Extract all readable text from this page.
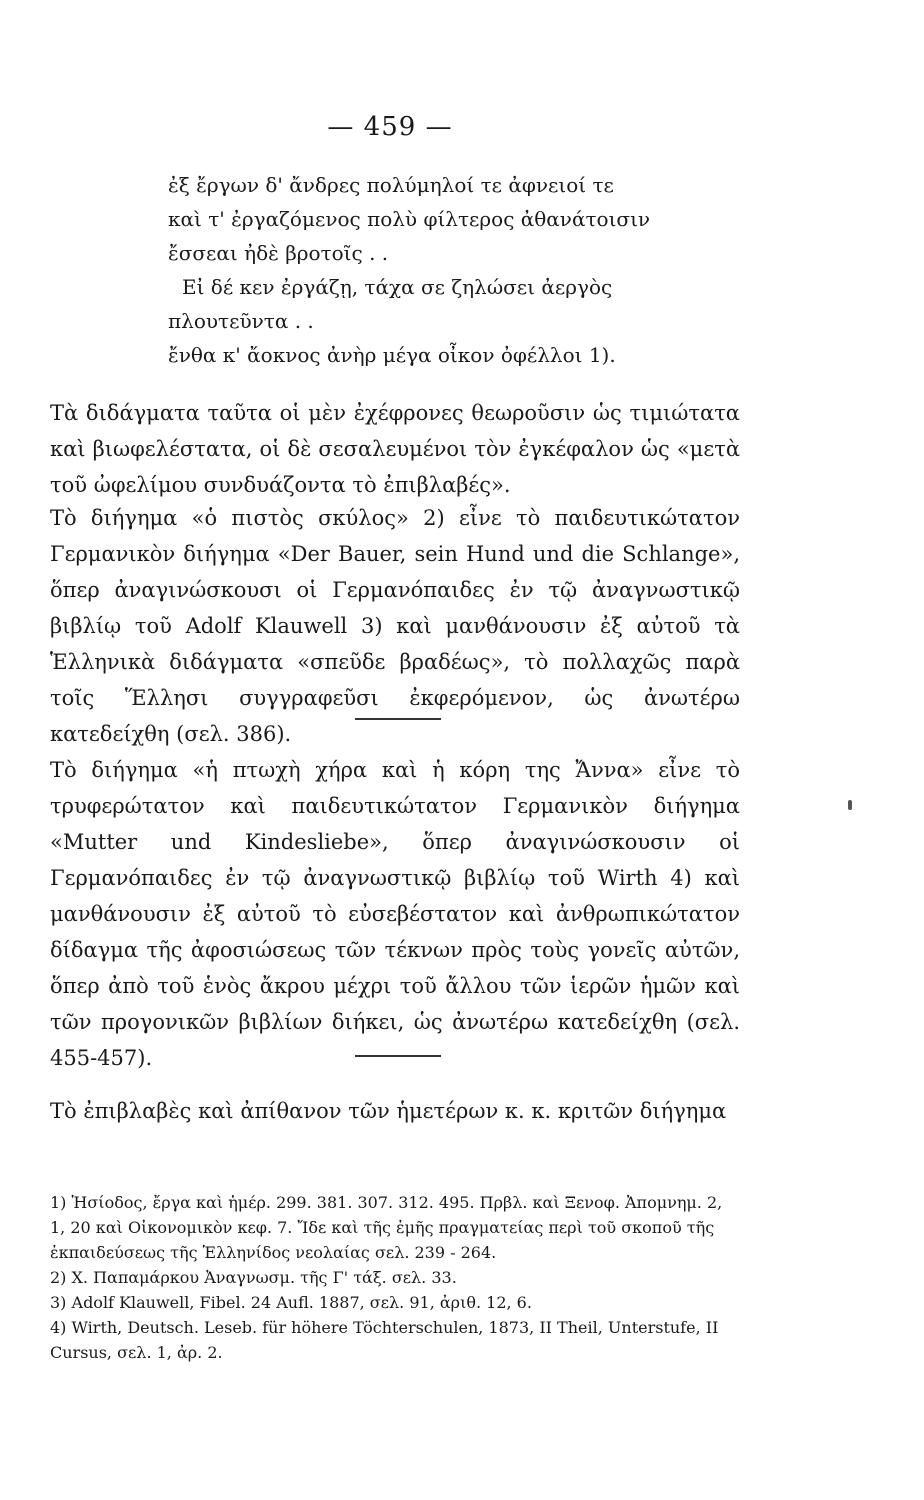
— 459 —
ἐξ ἔργων δ' ἄνδρες πολύμηλοί τε ἀφνειοί τε
καὶ τ' ἐργαζόμενος πολὺ φίλτερος ἀθανάτοισιν
ἔσσεαι ἠδὲ βροτοῖς . .
Εἰ δέ κεν ἐργάζῃ, τάχα σε ζηλώσει ἀεργὸς
πλουτεῦντα . .
ἔνθα κ' ἄοκνος ἀνὴρ μέγα οἶκον ὀφέλλοι 1).
Τὰ διδάγματα ταῦτα οἱ μὲν ἐχέφρονες θεωροῦσιν ὡς τιμιώτατα καὶ βιωφελέστατα, οἱ δὲ σεσαλευμένοι τὸν ἐγκέφαλον ὡς «μετὰ τοῦ ὠφελίμου συνδυάζοντα τὸ ἐπιβλαβές».
Τὸ διήγημα «ὁ πιστὸς σκύλος» 2) εἶνε τὸ παιδευτικώτατον Γερμανικὸν διήγημα «Der Bauer, sein Hund und die Schlange», ὅπερ ἀναγινώσκουσι οἱ Γερμανόπαιδες ἐν τῷ ἀναγνωστικῷ βιβλίῳ τοῦ Adolf Klauwell 3) καὶ μανθάνουσιν ἐξ αὐτοῦ τὰ Ἑλληνικὰ διδάγματα «σπεῦδε βραδέως», τὸ πολλαχῶς παρὰ τοῖς Ἕλλησι συγγραφεῦσι ἐκφερόμενον, ὡς ἀνωτέρω κατεδείχθη (σελ. 386).
Τὸ διήγημα «ἡ πτωχὴ χήρα καὶ ἡ κόρη της Ἄννα» εἶνε τὸ τρυφερώτατον καὶ παιδευτικώτατον Γερμανικὸν διήγημα «Mutter und Kindesliebe», ὅπερ ἀναγινώσκουσιν οἱ Γερμανόπαιδες ἐν τῷ ἀναγνωστικῷ βιβλίῳ τοῦ Wirth 4) καὶ μανθάνουσιν ἐξ αὐτοῦ τὸ εὐσεβέστατον καὶ ἀνθρωπικώτατον δίδαγμα τῆς ἀφοσιώσεως τῶν τέκνων πρὸς τοὺς γονεῖς αὐτῶν, ὅπερ ἀπὸ τοῦ ἑνὸς ἄκρου μέχρι τοῦ ἄλλου τῶν ἱερῶν ἡμῶν καὶ τῶν προγονικῶν βιβλίων διήκει, ὡς ἀνωτέρω κατεδείχθη (σελ. 455-457).
Τὸ ἐπιβλαβὲς καὶ ἀπίθανον τῶν ἡμετέρων κ. κ. κριτῶν διήγημα
1) Ἡσίοδος, ἔργα καὶ ἡμέρ. 299. 381. 307. 312. 495. Πρβλ. καὶ Ξενοφ. Ἀπομνημ. 2, 1, 20 καὶ Οἰκονομικὸν κεφ. 7. Ἴδε καὶ τῆς ἐμῆς πραγματείας περὶ τοῦ σκοποῦ τῆς ἐκπαιδεύσεως τῆς Ἑλληνίδος νεολαίας σελ. 239 - 264.
2) Χ. Παπαμάρκου Ἀναγνωσμ. τῆς Γ' τάξ. σελ. 33.
3) Adolf Klauwell, Fibel. 24 Aufl. 1887, σελ. 91, ἀριθ. 12, 6.
4) Wirth, Deutsch. Leseb. für höhere Töchterschulen, 1873, II Theil, Unterstufe, II Cursus, σελ. 1, ἀρ. 2.
